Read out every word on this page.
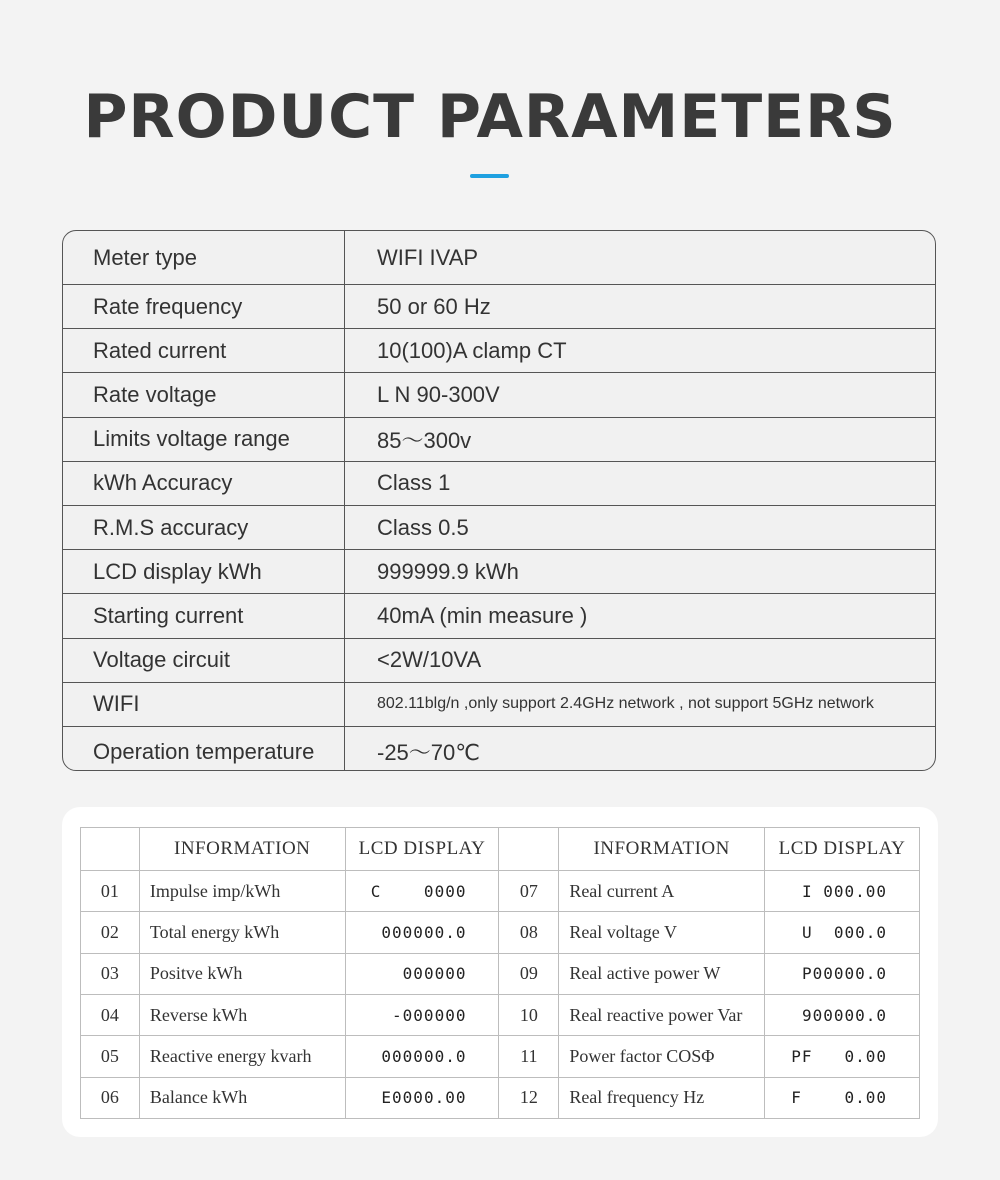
PRODUCT PARAMETERS
Meter type	WIFI IVAP
Rate frequency	50 or 60 Hz
Rated current	10(100)A clamp CT
Rate voltage	L N 90-300V
Limits voltage range	85～300v
kWh Accuracy	Class 1
R.M.S accuracy	Class 0.5
LCD display kWh	999999.9 kWh
Starting current	40mA (min measure )
Voltage circuit	<2W/10VA
WIFI	802.11blg/n ,only support 2.4GHz network , not support 5GHz network
Operation temperature	-25～70℃
	INFORMATION	LCD DISPLAY		INFORMATION	LCD DISPLAY
01	Impulse imp/kWh	C    0000	07	Real current A	I 000.00
02	Total energy kWh	000000.0	08	Real voltage V	U  000.0
03	Positve kWh	000000	09	Real active power W	P00000.0
04	Reverse kWh	-000000	10	Real reactive power Var	900000.0
05	Reactive energy kvarh	000000.0	11	Power factor COSΦ	PF   0.00
06	Balance kWh	E0000.00	12	Real frequency Hz	F    0.00
